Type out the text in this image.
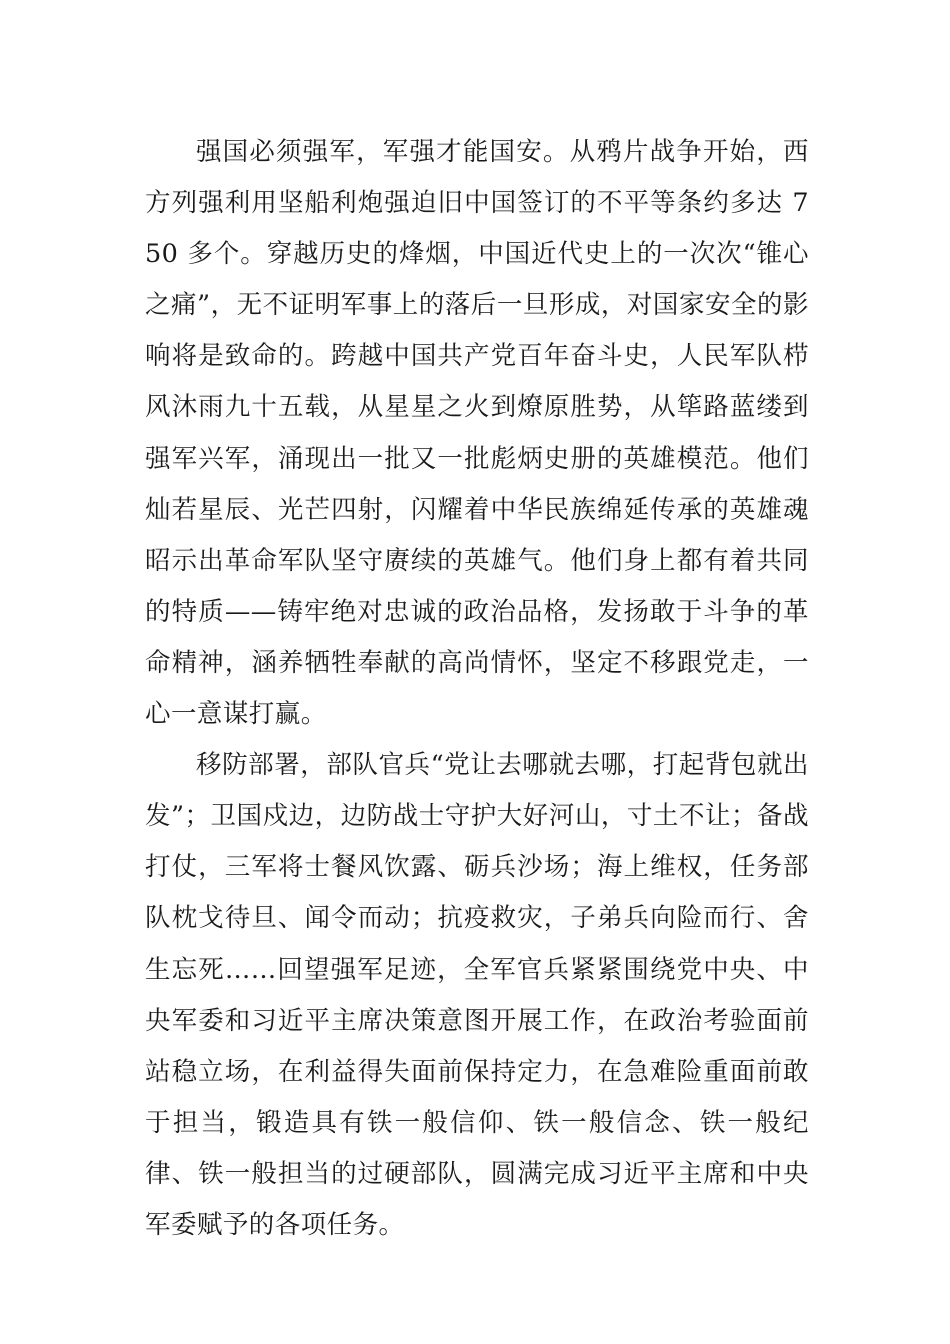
强国必须强军，军强才能国安。从鸦片战争开始，西方列强利用坚船利炮强迫旧中国签订的不平等条约多达 750 多个。穿越历史的烽烟，中国近代史上的一次次“锥心之痛”，无不证明军事上的落后一旦形成，对国家安全的影响将是致命的。跨越中国共产党百年奋斗史，人民军队栉风沐雨九十五载，从星星之火到燎原胜势，从筚路蓝缕到强军兴军，涌现出一批又一批彪炳史册的英雄模范。他们灿若星辰、光芒四射，闪耀着中华民族绵延传承的英雄魂昭示出革命军队坚守赓续的英雄气。他们身上都有着共同的特质——铸牢绝对忠诚的政治品格，发扬敢于斗争的革命精神，涵养牺牲奉献的高尚情怀，坚定不移跟党走，一心一意谋打赢。

移防部署，部队官兵“党让去哪就去哪，打起背包就出发”；卫国戍边，边防战士守护大好河山，寸土不让；备战打仗，三军将士餐风饮露、砺兵沙场；海上维权，任务部队枕戈待旦、闻令而动；抗疫救灾，子弟兵向险而行、舍生忘死……回望强军足迹，全军官兵紧紧围绕党中央、中央军委和习近平主席决策意图开展工作，在政治考验面前站稳立场，在利益得失面前保持定力，在急难险重面前敢于担当，锻造具有铁一般信仰、铁一般信念、铁一般纪律、铁一般担当的过硬部队，圆满完成习近平主席和中央军委赋予的各项任务。
